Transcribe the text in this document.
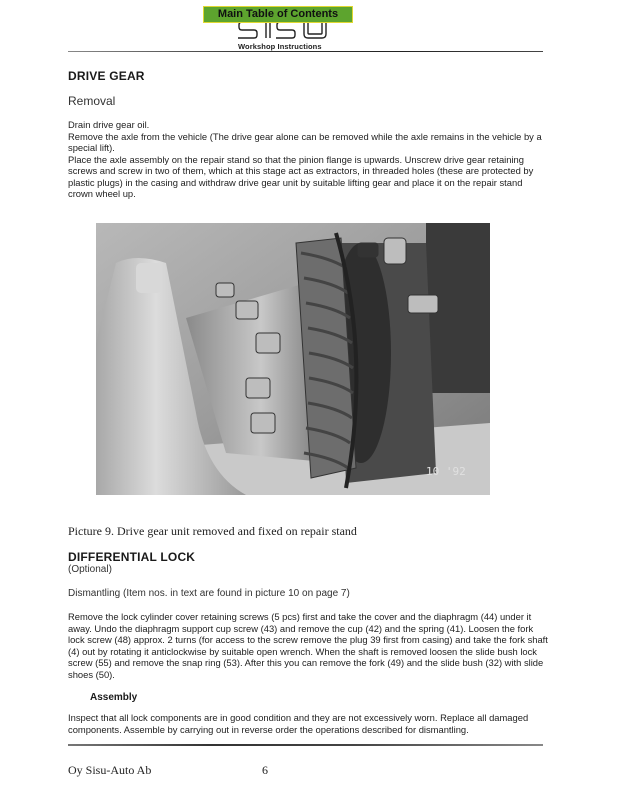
Main Table of Contents
Workshop Instructions
DRIVE GEAR
Removal
Drain drive gear oil.
Remove the axle from the vehicle (The drive gear alone can be removed while the axle remains in the vehicle by a special lift).
Place the axle assembly on the repair stand so that the pinion flange is upwards. Unscrew drive gear retaining screws and screw in two of them, which at this stage act as extractors, in threaded holes (these are protected by plastic plugs) in the casing and withdraw drive gear unit by suitable lifting gear and place it on the repair stand crown wheel up.
10 '92
Picture 9. Drive gear unit removed and fixed on repair stand
DIFFERENTIAL LOCK
(Optional)
Dismantling (Item nos. in text are found in picture 10 on page 7)
Remove the lock cylinder cover retaining screws (5 pcs) first and take the cover and the diaphragm (44) under it away. Undo the diaphragm support cup screw (43) and remove the cup (42) and the spring (41). Loosen the fork lock screw (48) approx. 2 turns (for access to the screw remove the plug 39 first from casing) and take the fork shaft (4) out by rotating it anticlockwise by suitable open wrench. When the shaft is removed loosen the slide bush lock screw (55) and remove the snap ring (53). After this you can remove the fork (49) and the slide bush (32) with slide shoes (50).
Assembly
Inspect that all lock components are in good condition and they are not excessively worn. Replace all damaged components. Assemble by carrying out in reverse order the operations described for dismantling.
Oy Sisu-Auto Ab	6
